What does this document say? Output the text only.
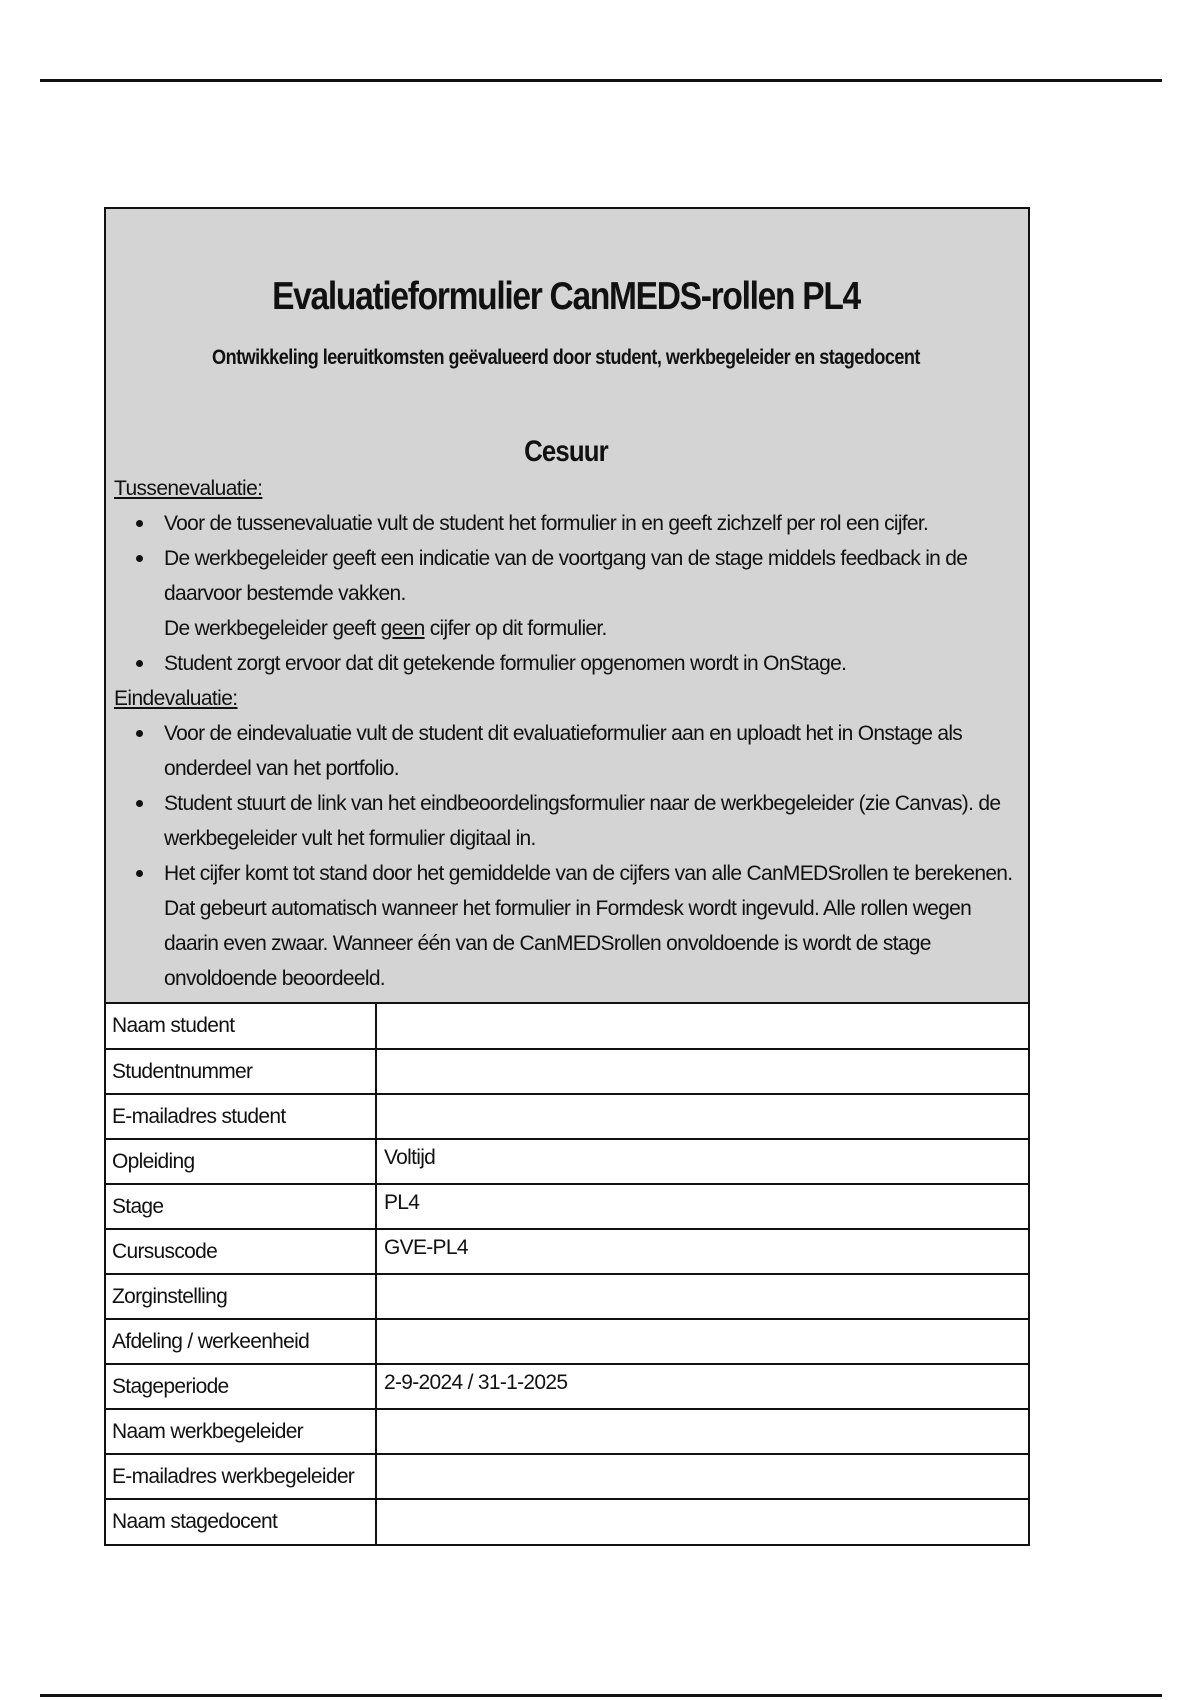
Evaluatieformulier CanMEDS-rollen PL4
Ontwikkeling leeruitkomsten geëvalueerd door student, werkbegeleider en stagedocent
Cesuur
Tussenevaluatie:
Voor de tussenevaluatie vult de student het formulier in en geeft zichzelf per rol een cijfer.
De werkbegeleider geeft een indicatie van de voortgang van de stage middels feedback in de daarvoor bestemde vakken.
De werkbegeleider geeft geen cijfer op dit formulier.
Student zorgt ervoor dat dit getekende formulier opgenomen wordt in OnStage.
Eindevaluatie:
Voor de eindevaluatie vult de student dit evaluatieformulier aan en uploadt het in Onstage als onderdeel van het portfolio.
Student stuurt de link van het eindbeoordelingsformulier naar de werkbegeleider (zie Canvas). de werkbegeleider vult het formulier digitaal in.
Het cijfer komt tot stand door het gemiddelde van de cijfers van alle CanMEDSrollen te berekenen. Dat gebeurt automatisch wanneer het formulier in Formdesk wordt ingevuld. Alle rollen wegen daarin even zwaar. Wanneer één van de CanMEDSrollen onvoldoende is wordt de stage onvoldoende beoordeeld.
Naam student	
Studentnummer	
E-mailadres student	
Opleiding	Voltijd
Stage	PL4
Cursuscode	GVE-PL4
Zorginstelling	
Afdeling / werkeenheid	
Stageperiode	2-9-2024 / 31-1-2025
Naam werkbegeleider	
E-mailadres werkbegeleider	
Naam stagedocent	
